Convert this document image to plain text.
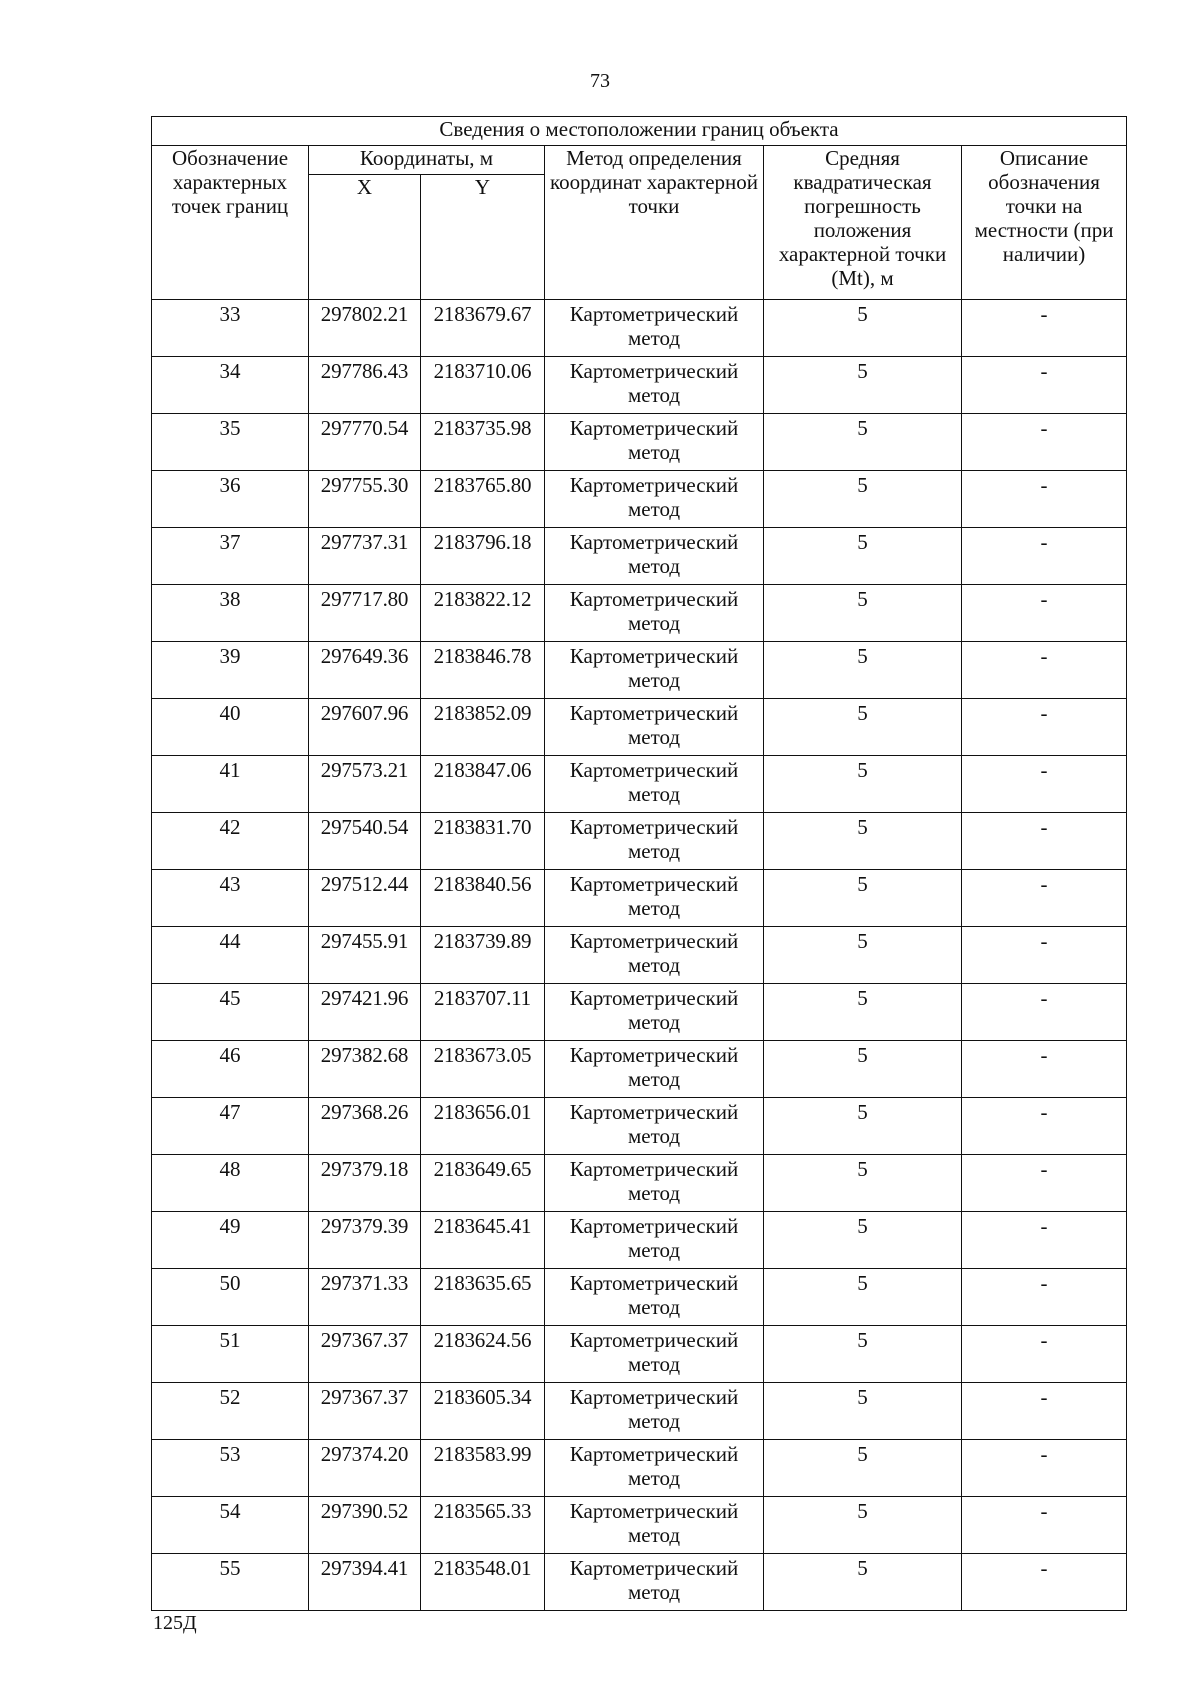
73
Сведения о местоположении границ объекта					
Обозначение характерных точек границ	Координаты, м		Метод определения координат характерной точки	Средняя квадратическая погрешность положения характерной точки (Mt), м	Описание обозначения точки на местности (при наличии)
	X	Y			
33	297802.21	2183679.67	Картометрический метод	5	-
34	297786.43	2183710.06	Картометрический метод	5	-
35	297770.54	2183735.98	Картометрический метод	5	-
36	297755.30	2183765.80	Картометрический метод	5	-
37	297737.31	2183796.18	Картометрический метод	5	-
38	297717.80	2183822.12	Картометрический метод	5	-
39	297649.36	2183846.78	Картометрический метод	5	-
40	297607.96	2183852.09	Картометрический метод	5	-
41	297573.21	2183847.06	Картометрический метод	5	-
42	297540.54	2183831.70	Картометрический метод	5	-
43	297512.44	2183840.56	Картометрический метод	5	-
44	297455.91	2183739.89	Картометрический метод	5	-
45	297421.96	2183707.11	Картометрический метод	5	-
46	297382.68	2183673.05	Картометрический метод	5	-
47	297368.26	2183656.01	Картометрический метод	5	-
48	297379.18	2183649.65	Картометрический метод	5	-
49	297379.39	2183645.41	Картометрический метод	5	-
50	297371.33	2183635.65	Картометрический метод	5	-
51	297367.37	2183624.56	Картометрический метод	5	-
52	297367.37	2183605.34	Картометрический метод	5	-
53	297374.20	2183583.99	Картометрический метод	5	-
54	297390.52	2183565.33	Картометрический метод	5	-
55	297394.41	2183548.01	Картометрический метод	5	-
125Д
